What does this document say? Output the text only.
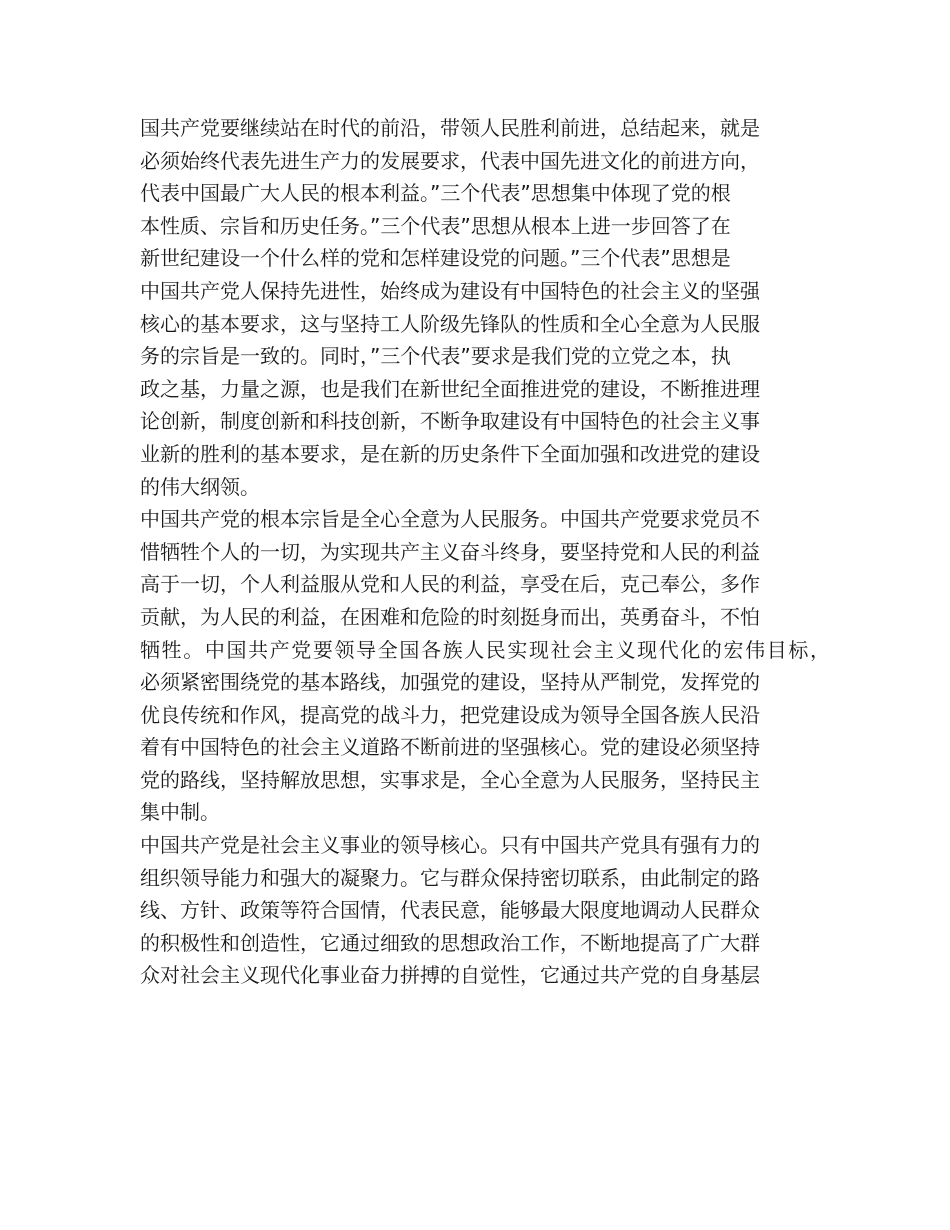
国共产党要继续站在时代的前沿，带领人民胜利前进，总结起来，就是
必须始终代表先进生产力的发展要求，代表中国先进文化的前进方向，
代表中国最广大人民的根本利益。”三个代表”思想集中体现了党的根
本性质、宗旨和历史任务。”三个代表”思想从根本上进一步回答了在
新世纪建设一个什么样的党和怎样建设党的问题。”三个代表”思想是
中国共产党人保持先进性，始终成为建设有中国特色的社会主义的坚强
核心的基本要求，这与坚持工人阶级先锋队的性质和全心全意为人民服
务的宗旨是一致的。同时，”三个代表”要求是我们党的立党之本，执
政之基，力量之源，也是我们在新世纪全面推进党的建设，不断推进理
论创新，制度创新和科技创新，不断争取建设有中国特色的社会主义事
业新的胜利的基本要求，是在新的历史条件下全面加强和改进党的建设
的伟大纲领。
中国共产党的根本宗旨是全心全意为人民服务。中国共产党要求党员不
惜牺牲个人的一切，为实现共产主义奋斗终身，要坚持党和人民的利益
高于一切，个人利益服从党和人民的利益，享受在后，克己奉公，多作
贡献，为人民的利益，在困难和危险的时刻挺身而出，英勇奋斗，不怕
牺牲。中国共产党要领导全国各族人民实现社会主义现代化的宏伟目标，
必须紧密围绕党的基本路线，加强党的建设，坚持从严制党，发挥党的
优良传统和作风，提高党的战斗力，把党建设成为领导全国各族人民沿
着有中国特色的社会主义道路不断前进的坚强核心。党的建设必须坚持
党的路线，坚持解放思想，实事求是，全心全意为人民服务，坚持民主
集中制。
中国共产党是社会主义事业的领导核心。只有中国共产党具有强有力的
组织领导能力和强大的凝聚力。它与群众保持密切联系，由此制定的路
线、方针、政策等符合国情，代表民意，能够最大限度地调动人民群众
的积极性和创造性，它通过细致的思想政治工作，不断地提高了广大群
众对社会主义现代化事业奋力拼搏的自觉性，它通过共产党的自身基层
